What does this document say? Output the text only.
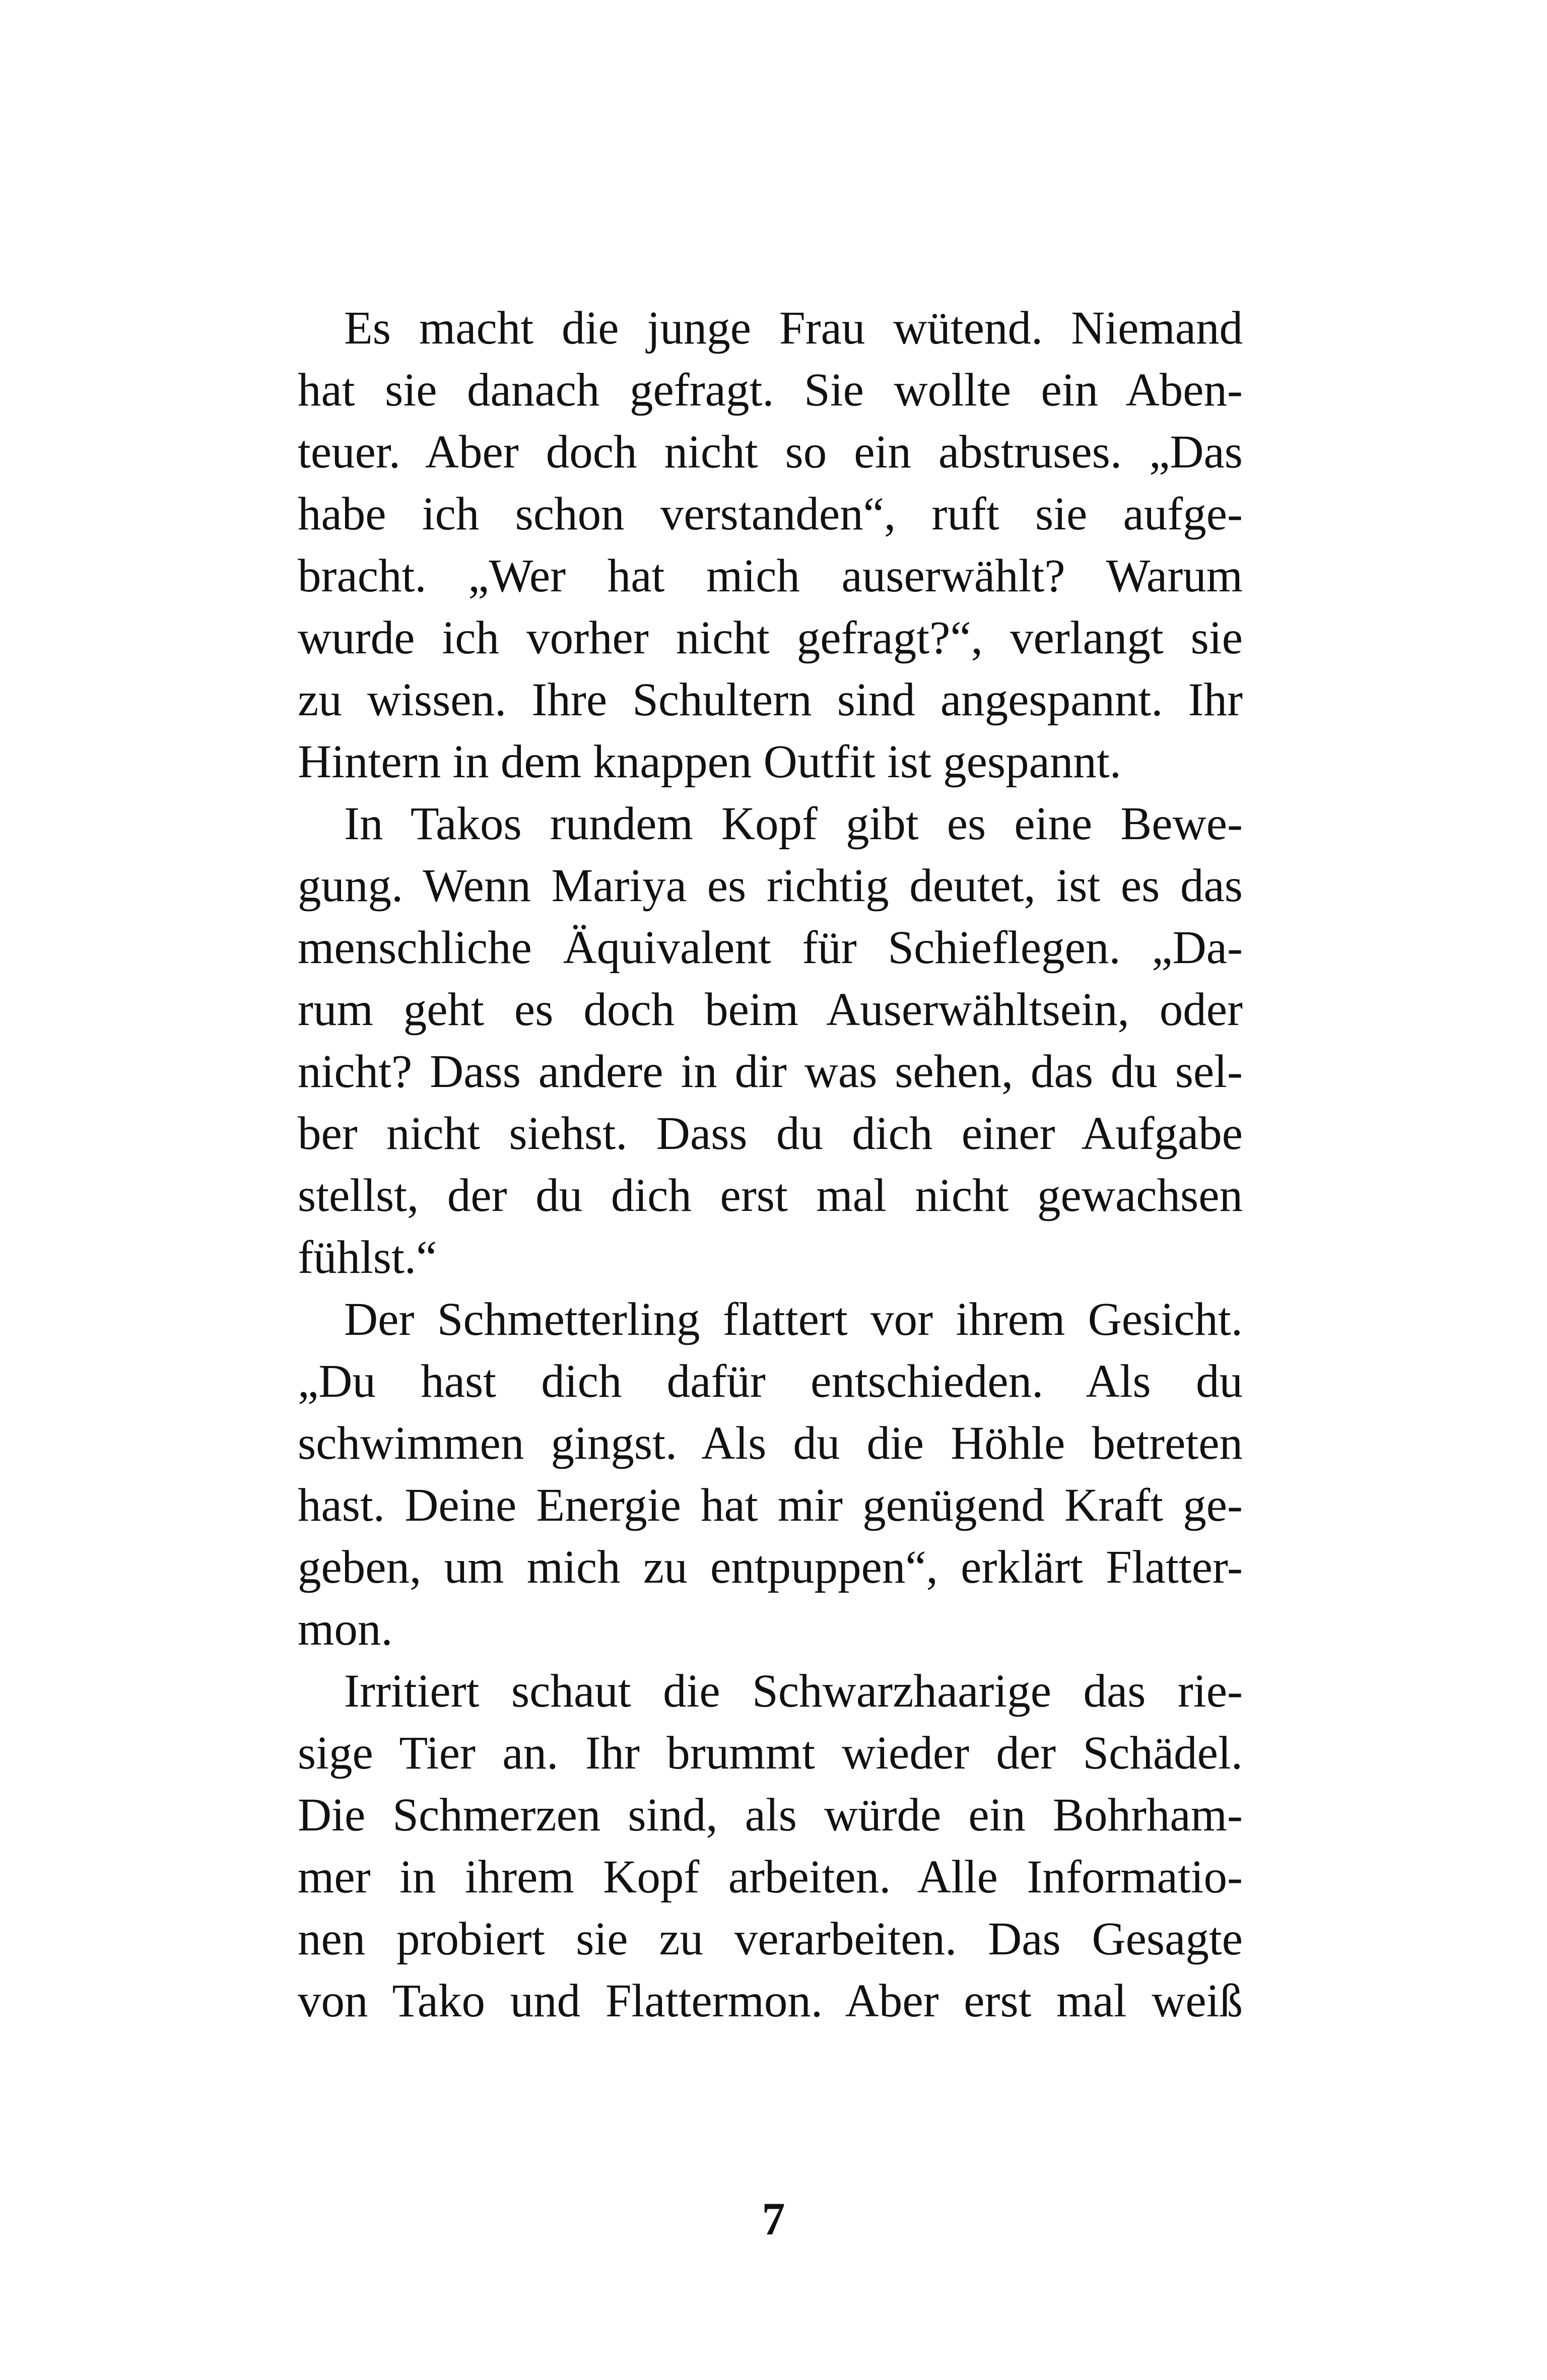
Es macht die junge Frau wütend. Niemand
hat sie danach gefragt. Sie wollte ein Aben-
teuer. Aber doch nicht so ein abstruses. „Das
habe ich schon verstanden“, ruft sie aufge-
bracht. „Wer hat mich auserwählt? Warum
wurde ich vorher nicht gefragt?“, verlangt sie
zu wissen. Ihre Schultern sind angespannt. Ihr
Hintern in dem knappen Outfit ist gespannt.

In Takos rundem Kopf gibt es eine Bewe-
gung. Wenn Mariya es richtig deutet, ist es das
menschliche Äquivalent für Schieflegen. „Da-
rum geht es doch beim Auserwähltsein, oder
nicht? Dass andere in dir was sehen, das du sel-
ber nicht siehst. Dass du dich einer Aufgabe
stellst, der du dich erst mal nicht gewachsen
fühlst.“

Der Schmetterling flattert vor ihrem Gesicht.
„Du hast dich dafür entschieden. Als du
schwimmen gingst. Als du die Höhle betreten
hast. Deine Energie hat mir genügend Kraft ge-
geben, um mich zu entpuppen“, erklärt Flatter-
mon.

Irritiert schaut die Schwarzhaarige das rie-
sige Tier an. Ihr brummt wieder der Schädel.
Die Schmerzen sind, als würde ein Bohrham-
mer in ihrem Kopf arbeiten. Alle Informatio-
nen probiert sie zu verarbeiten. Das Gesagte
von Tako und Flattermon. Aber erst mal weiß

7
